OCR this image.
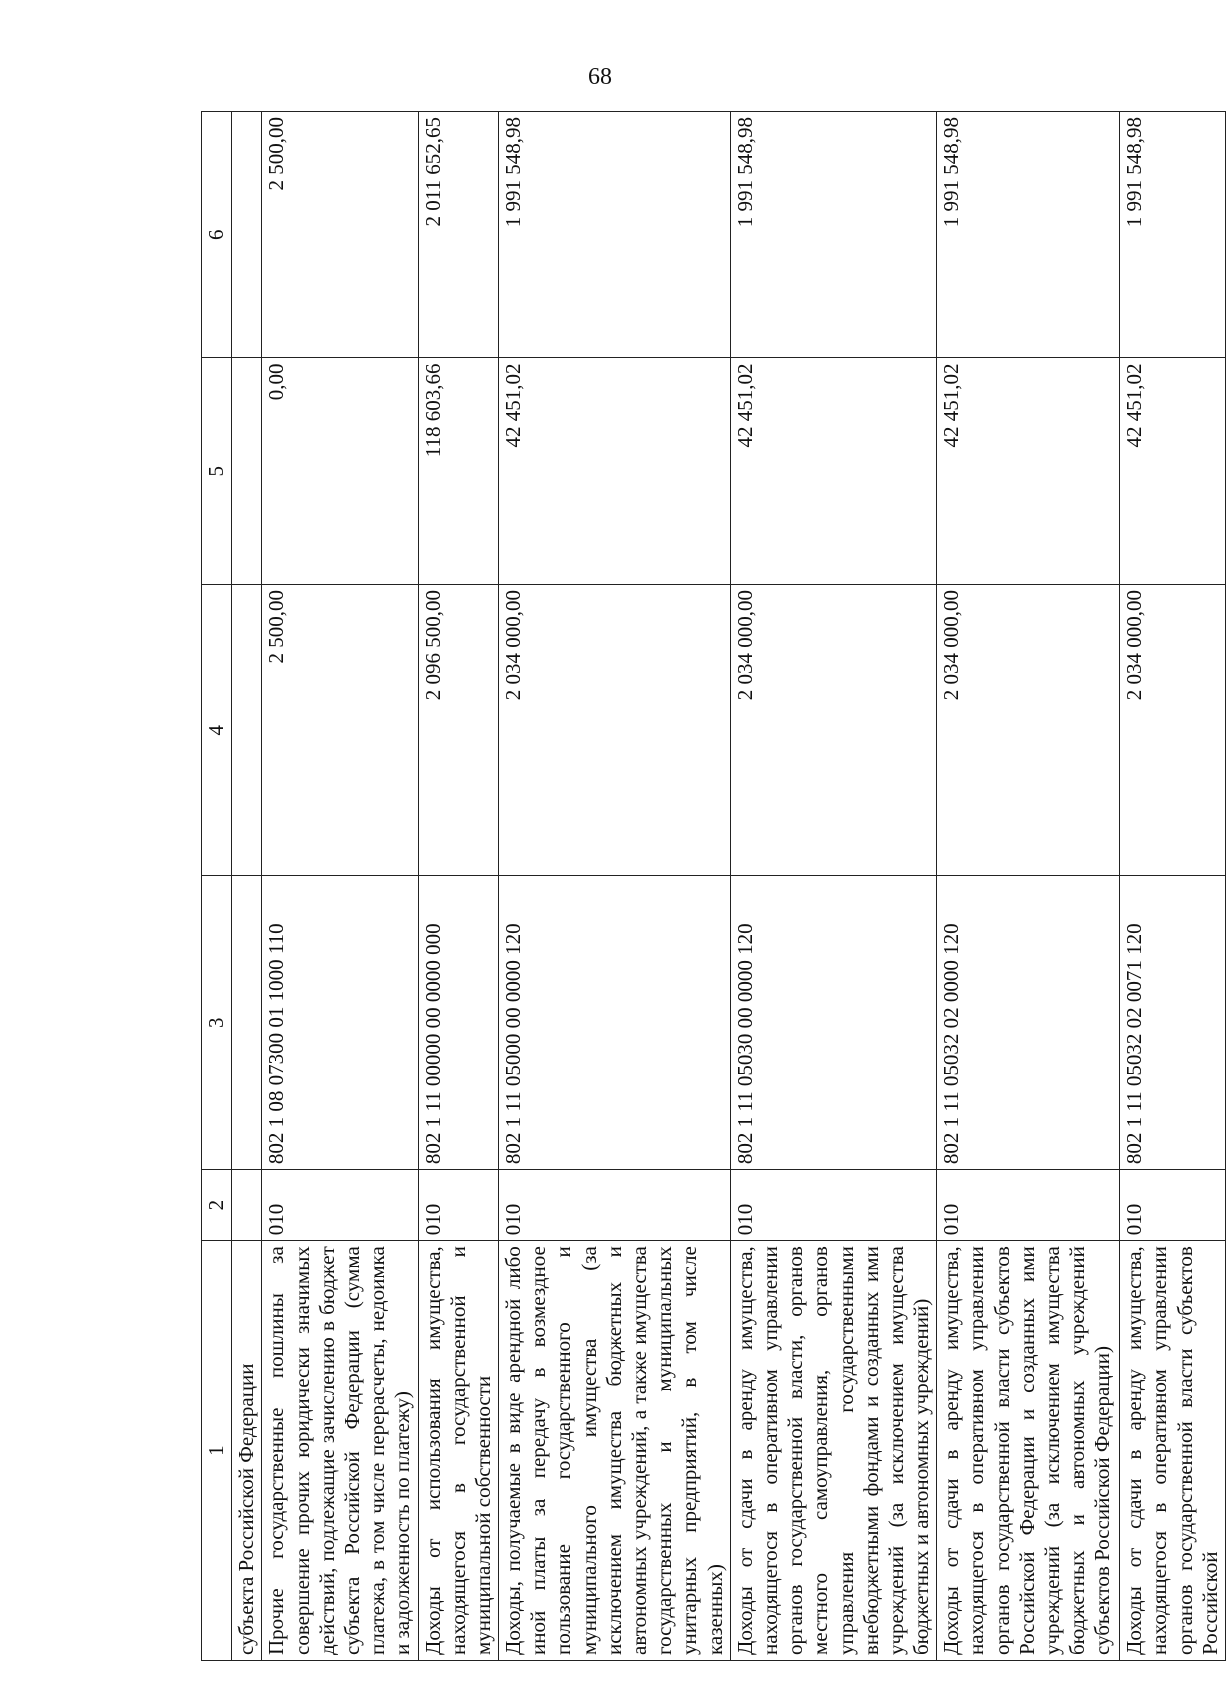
68
1	2	3	4	5	6
субъекта Российской Федерации					
Прочие государственные пошлины за совершение прочих юридически значимых действий, подлежащие зачислению в бюджет субъекта Российской Федерации (сумма платежа, в том числе перерасчеты, недоимка и задолженность по платежу)	010	802 1 08 07300 01 1000 110	2 500,00	0,00	2 500,00
Доходы от использования имущества, находящегося в государственной и муниципальной собственности	010	802 1 11 00000 00 0000 000	2 096 500,00	118 603,66	2 011 652,65
Доходы, получаемые в виде арендной либо иной платы за передачу в возмездное пользование государственного и муниципального имущества (за исключением имущества бюджетных и автономных учреждений, а также имущества государственных и муниципальных унитарных предприятий, в том числе казенных)	010	802 1 11 05000 00 0000 120	2 034 000,00	42 451,02	1 991 548,98
Доходы от сдачи в аренду имущества, находящегося в оперативном управлении органов государственной власти, органов местного самоуправления, органов управления государственными внебюджетными фондами и созданных ими учреждений (за исключением имущества бюджетных и автономных учреждений)	010	802 1 11 05030 00 0000 120	2 034 000,00	42 451,02	1 991 548,98
Доходы от сдачи в аренду имущества, находящегося в оперативном управлении органов государственной власти субъектов Российской Федерации и созданных ими учреждений (за исключением имущества бюджетных и автономных учреждений субъектов Российской Федерации)	010	802 1 11 05032 02 0000 120	2 034 000,00	42 451,02	1 991 548,98
Доходы от сдачи в аренду имущества, находящегося в оперативном управлении органов государственной власти субъектов Российской	010	802 1 11 05032 02 0071 120	2 034 000,00	42 451,02	1 991 548,98
